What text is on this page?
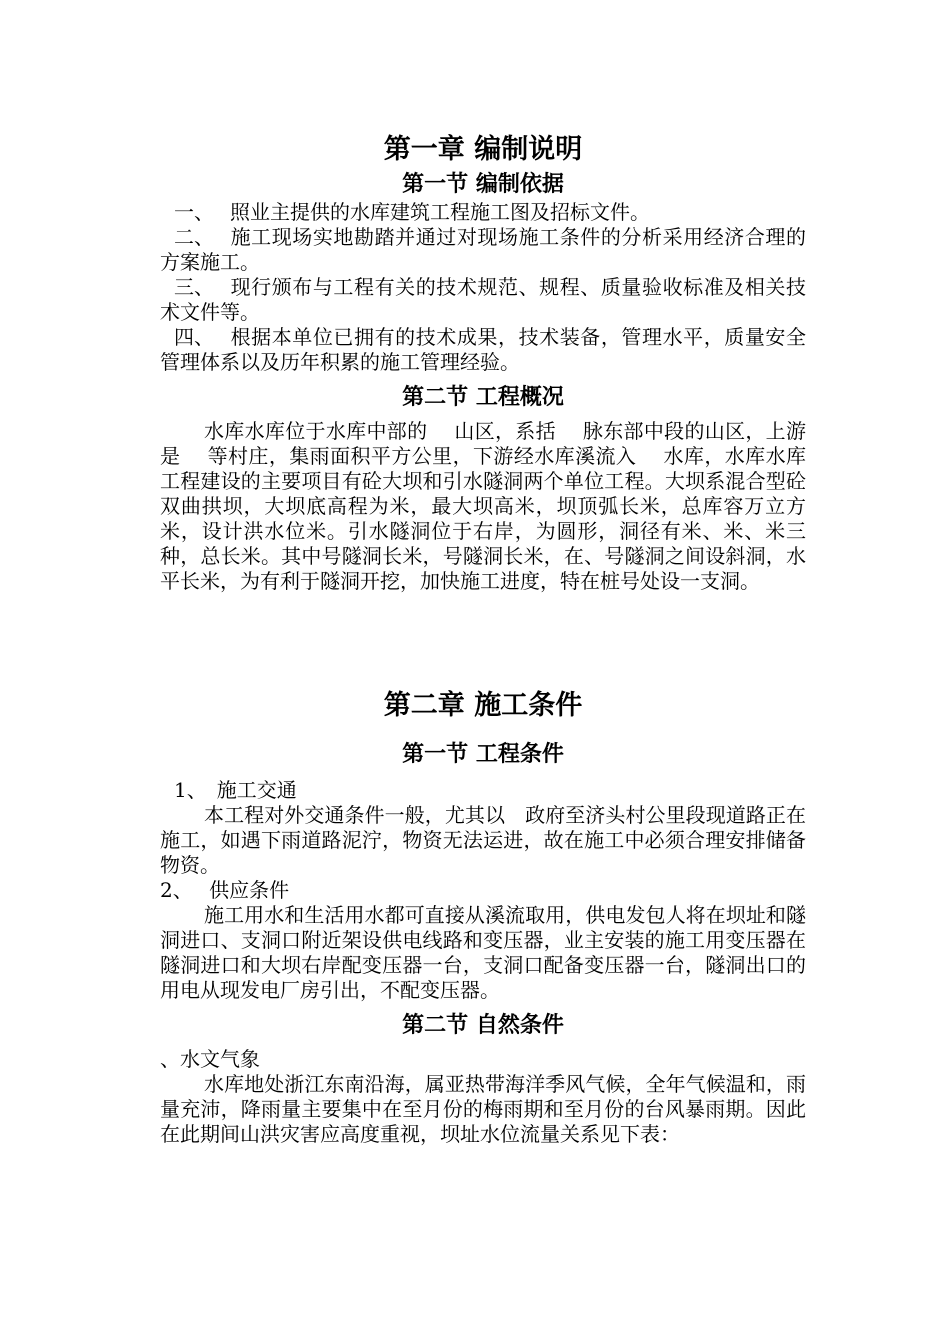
第一章 编制说明
第一节 编制依据

一、 照业主提供的水库建筑工程施工图及招标文件。

二、 施工现场实地勘踏并通过对现场施工条件的分析采用经济合理的方案施工。

三、 现行颁布与工程有关的技术规范、规程、质量验收标准及相关技术文件等。

四、 根据本单位已拥有的技术成果，技术装备，管理水平，质量安全管理体系以及历年积累的施工管理经验。

第二节 工程概况

水库水库位于水库中部的　 山区，系括　 脉东部中段的山区，上游是　 等村庄，集雨面积平方公里，下游经水库溪流入　 水库，水库水库工程建设的主要项目有砼大坝和引水隧洞两个单位工程。大坝系混合型砼双曲拱坝，大坝底高程为米，最大坝高米，坝顶弧长米，总库容万立方米，设计洪水位米。引水隧洞位于右岸，为圆形，洞径有米、米、米三种，总长米。其中号隧洞长米，号隧洞长米，在、号隧洞之间设斜洞，水平长米，为有利于隧洞开挖，加快施工进度，特在桩号处设一支洞。

第二章 施工条件
第一节 工程条件

1、　施工交通

本工程对外交通条件一般，尤其以　政府至济头村公里段现道路正在施工，如遇下雨道路泥泞，物资无法运进，故在施工中必须合理安排储备物资。

2、　 供应条件

施工用水和生活用水都可直接从溪流取用，供电发包人将在坝址和隧洞进口、支洞口附近架设供电线路和变压器，业主安装的施工用变压器在隧洞进口和大坝右岸配变压器一台，支洞口配备变压器一台，隧洞出口的用电从现发电厂房引出，不配变压器。

第二节 自然条件

、水文气象

水库地处浙江东南沿海，属亚热带海洋季风气候，全年气候温和，雨量充沛，降雨量主要集中在至月份的梅雨期和至月份的台风暴雨期。因此在此期间山洪灾害应高度重视，坝址水位流量关系见下表：
